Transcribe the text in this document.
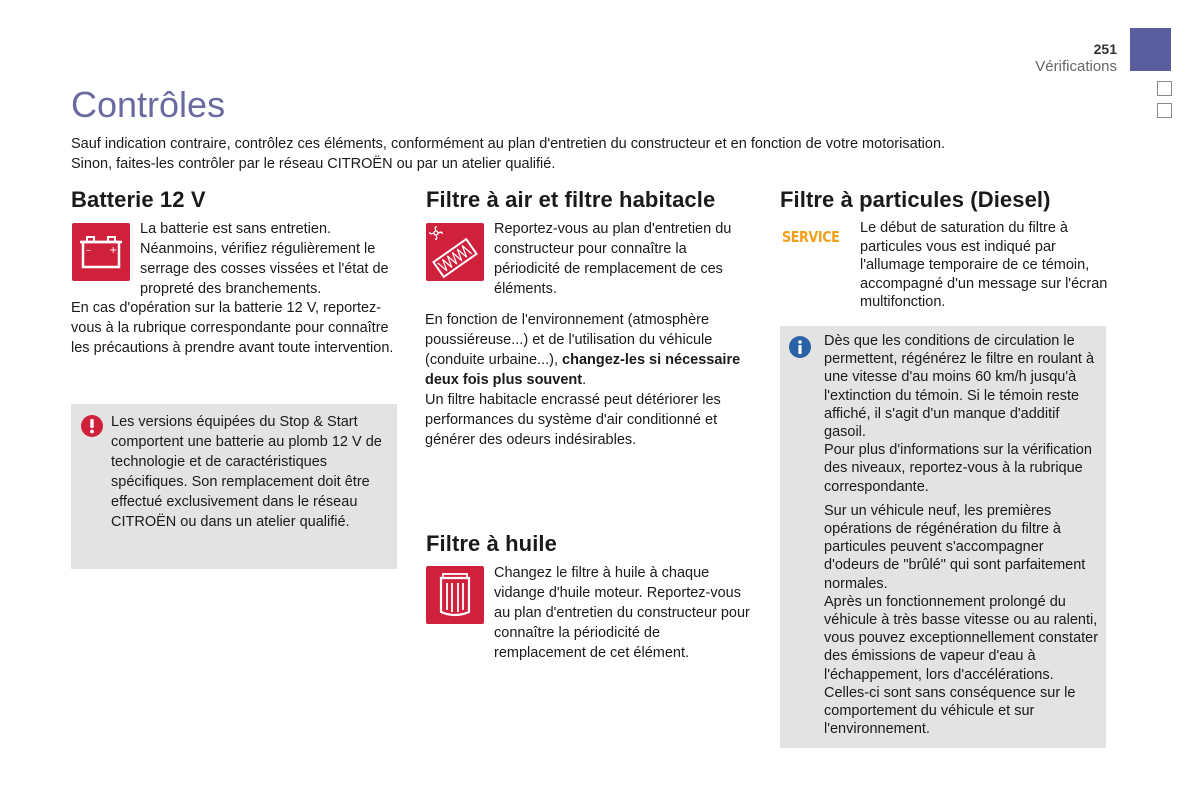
251
Vérifications
Contrôles

Sauf indication contraire, contrôlez ces éléments, conformément au plan d'entretien du constructeur et en fonction de votre motorisation.

Sinon, faites-les contrôler par le réseau CITROËN ou par un atelier qualifié.

Batterie 12 V
– +
La batterie est sans entretien. Néanmoins, vérifiez régulièrement le serrage des cosses vissées et l'état de propreté des branchements.
En cas d'opération sur la batterie 12 V, reportez-vous à la rubrique correspondante pour connaître les précautions à prendre avant toute intervention.
Les versions équipées du Stop & Start comportent une batterie au plomb 12 V de technologie et de caractéristiques spécifiques. Son remplacement doit être effectué exclusivement dans le réseau CITROËN ou dans un atelier qualifié.
Filtre à air et filtre habitacle
Reportez-vous au plan d'entretien du constructeur pour connaître la périodicité de remplacement de ces éléments.

En fonction de l'environnement (atmosphère poussiéreuse...) et de l'utilisation du véhicule (conduite urbaine...), changez-les si nécessaire deux fois plus souvent.

Un filtre habitacle encrassé peut détériorer les performances du système d'air conditionné et générer des odeurs indésirables.

Filtre à huile
Changez le filtre à huile à chaque vidange d'huile moteur. Reportez-vous au plan d'entretien du constructeur pour connaître la périodicité de remplacement de cet élément.
Filtre à particules (Diesel)
SERVICE Le début de saturation du filtre à particules vous est indiqué par l'allumage temporaire de ce témoin, accompagné d'un message sur l'écran multifonction.

Dès que les conditions de circulation le permettent, régénérez le filtre en roulant à une vitesse d'au moins 60 km/h jusqu'à l'extinction du témoin. Si le témoin reste affiché, il s'agit d'un manque d'additif gasoil.

Pour plus d'informations sur la vérification des niveaux, reportez-vous à la rubrique correspondante.

Sur un véhicule neuf, les premières opérations de régénération du filtre à particules peuvent s'accompagner d'odeurs de "brûlé" qui sont parfaitement normales.

Après un fonctionnement prolongé du véhicule à très basse vitesse ou au ralenti, vous pouvez exceptionnellement constater des émissions de vapeur d'eau à l'échappement, lors d'accélérations. Celles-ci sont sans conséquence sur le comportement du véhicule et sur l'environnement.
